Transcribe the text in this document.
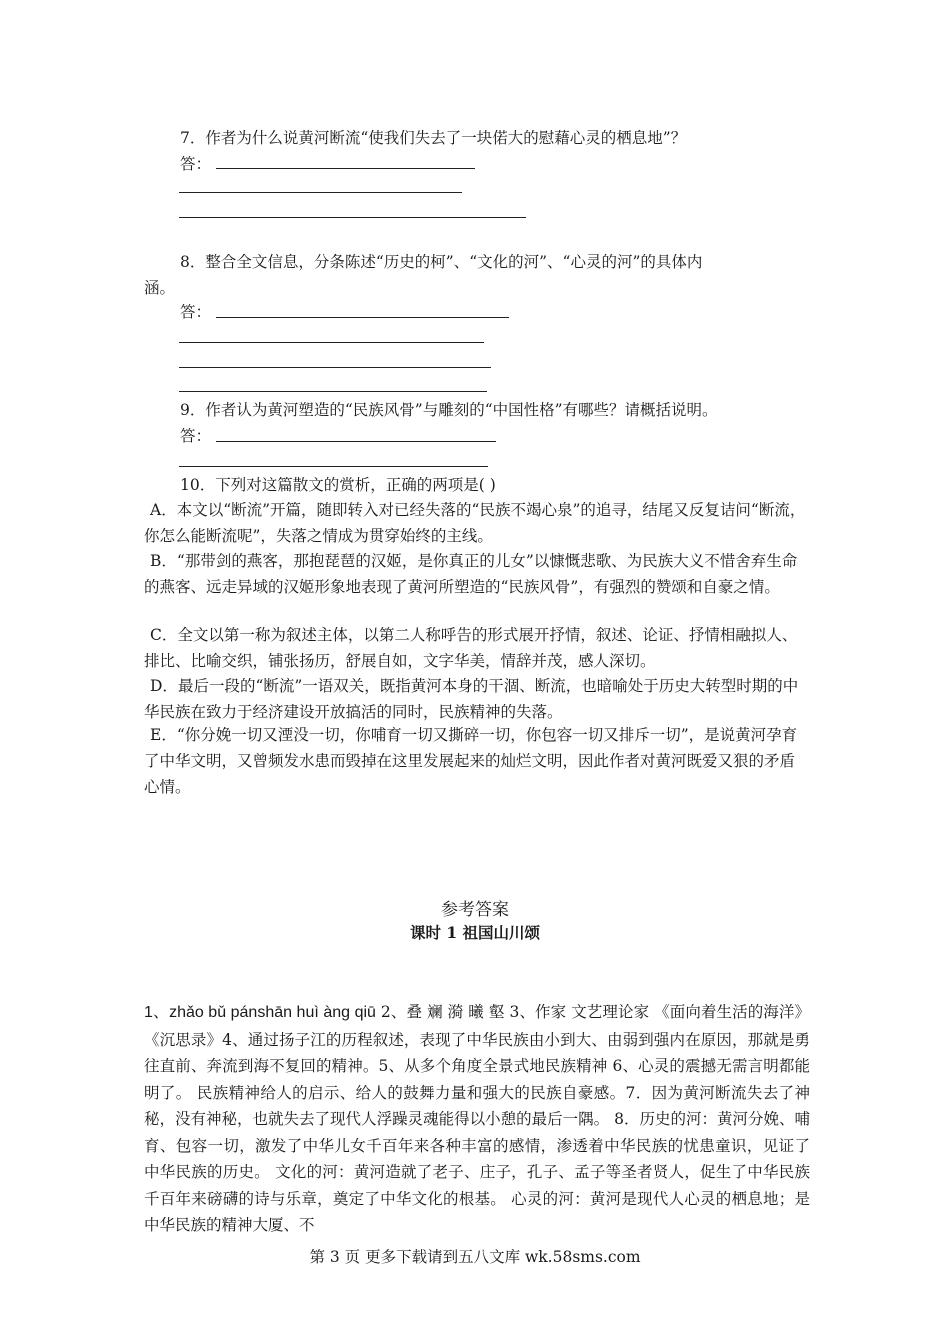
7．作者为什么说黄河断流“使我们失去了一块偌大的慰藉心灵的栖息地”？

答：

8．整合全文信息，分条陈述“历史的柯”、“文化的河”、“心灵的河”的具体内

涵。

答：

9．作者认为黄河塑造的“民族风骨”与雕刻的“中国性格”有哪些？请概括说明。

答：

10．下列对这篇散文的赏析，正确的两项是( )

A．本文以“断流”开篇，随即转入对已经失落的“民族不竭心泉”的追寻，结尾又反复诘问“断流，你怎么能断流呢”，失落之情成为贯穿始终的主线。
B．“那带剑的燕客，那抱琵琶的汉姬，是你真正的儿女”以慷慨悲歌、为民族大义不惜舍弃生命的燕客、远走异域的汉姬形象地表现了黄河所塑造的“民族风骨”，有强烈的赞颂和自豪之情。
C．全文以第一称为叙述主体，以第二人称呼告的形式展开抒情，叙述、论证、抒情相融拟人、排比、比喻交织，铺张扬历，舒展自如，文字华美，情辞并茂，感人深切。
D．最后一段的“断流”一语双关，既指黄河本身的干涸、断流，也暗喻处于历史大转型时期的中华民族在致力于经济建设开放搞活的同时，民族精神的失落。
E．“你分娩一切又湮没一切，你哺育一切又撕碎一切，你包容一切又排斥一切”，是说黄河孕育了中华文明，又曾频发水患而毁掉在这里发展起来的灿烂文明，因此作者对黄河既爱又狠的矛盾心情。

参考答案

课时 1 祖国山川颂

1、zhǎo bǔ pánshān huì àng qiū 2、叠 斓 漪 曦 壑 3、作家 文艺理论家 《面向着生活的海洋》《沉思录》4、通过扬子江的历程叙述，表现了中华民族由小到大、由弱到强内在原因，那就是勇往直前、奔流到海不复回的精神。5、从多个角度全景式地民族精神 6、心灵的震撼无需言明都能明了。 民族精神给人的启示、给人的鼓舞力量和强大的民族自豪感。7．因为黄河断流失去了神秘，没有神秘，也就失去了现代人浮躁灵魂能得以小憩的最后一隅。 8．历史的河：黄河分娩、哺育、包容一切，激发了中华儿女千百年来各种丰富的感情，渗透着中华民族的忧患童识，见证了中华民族的历史。 文化的河：黄河造就了老子、庄子，孔子、孟子等圣者贤人，促生了中华民族千百年来磅礴的诗与乐章，奠定了中华文化的根基。 心灵的河：黄河是现代人心灵的栖息地；是中华民族的精神大厦、不

第 3 页 更多下载请到五八文库 wk.58sms.com
